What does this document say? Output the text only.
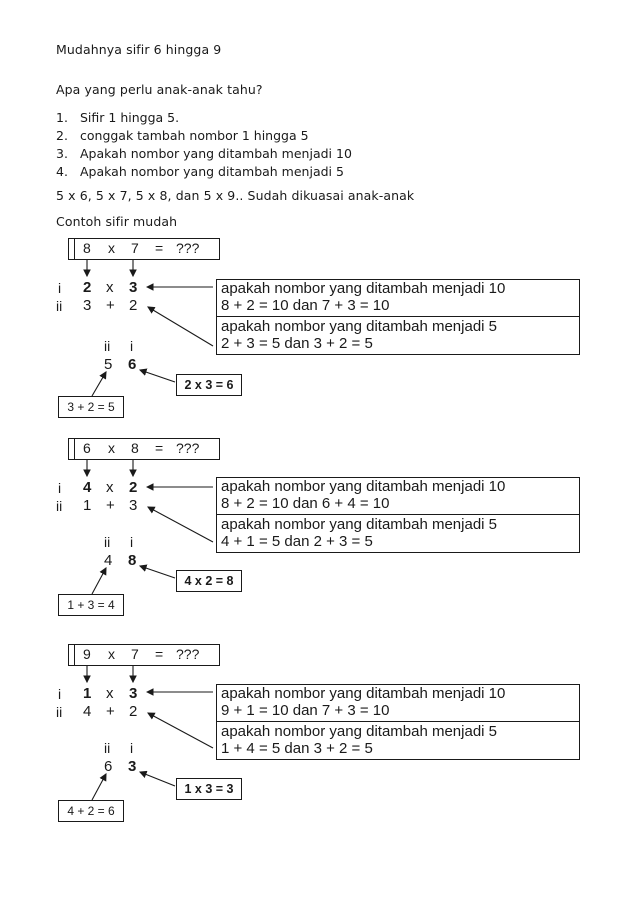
Mudahnya sifir 6 hingga 9
Apa yang perlu anak-anak tahu?
1. Sifir 1 hingga 5.
2. conggak tambah nombor 1 hingga 5
3. Apakah nombor yang ditambah menjadi 10
4. Apakah nombor yang ditambah menjadi 5
5 x 6, 5 x 7, 5 x 8, dan 5 x 9.. Sudah dikuasai anak-anak
Contoh sifir mudah
8 x 7 = ???
i 2 x 3
ii 3 + 2
apakah nombor yang ditambah menjadi 10
8 + 2 = 10 dan 7 + 3 = 10
apakah nombor yang ditambah menjadi 5
2 + 3 = 5 dan 3 + 2 = 5
ii i
5 6
2 x 3 = 6
3 + 2 = 5
6 x 8 = ???
i 4 x 2
ii 1 + 3
apakah nombor yang ditambah menjadi 10
8 + 2 = 10 dan 6 + 4 = 10
apakah nombor yang ditambah menjadi 5
4 + 1 = 5 dan 2 + 3 = 5
ii i
4 8
4 x 2 = 8
1 + 3 = 4
9 x 7 = ???
i 1 x 3
ii 4 + 2
apakah nombor yang ditambah menjadi 10
9 + 1 = 10 dan 7 + 3 = 10
apakah nombor yang ditambah menjadi 5
1 + 4 = 5 dan 3 + 2 = 5
ii i
6 3
1 x 3 = 3
4 + 2 = 6
